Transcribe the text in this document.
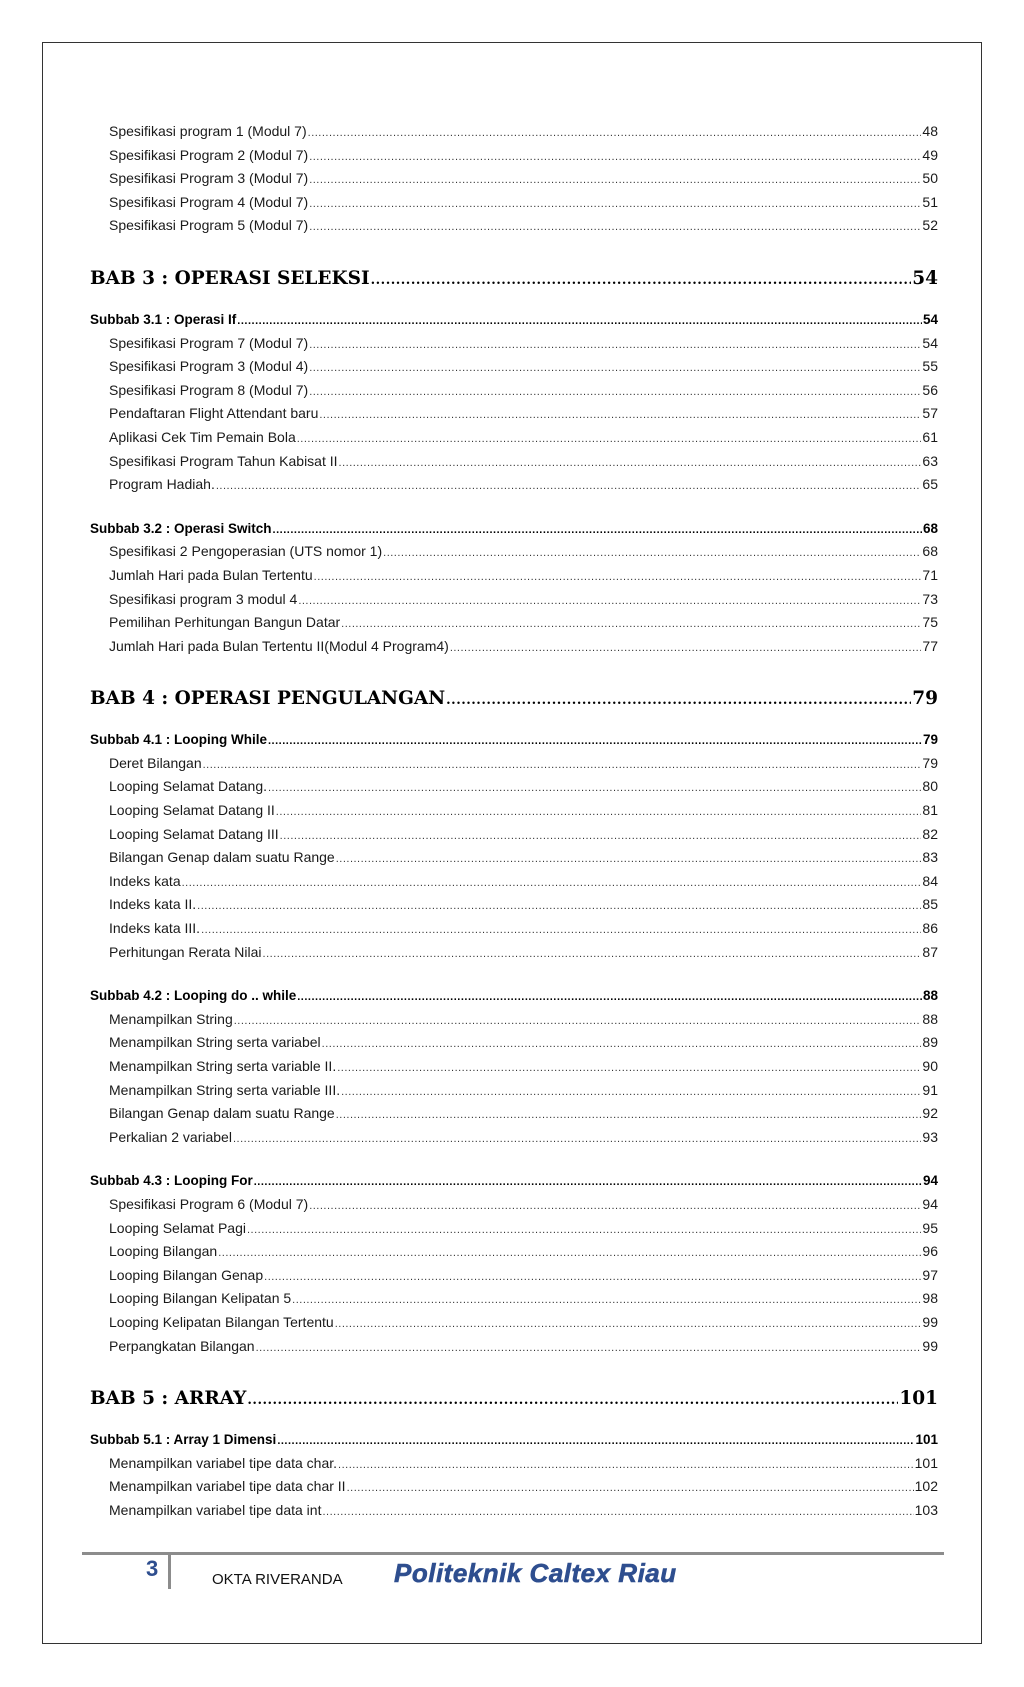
Spesifikasi program 1 (Modul 7) .....	48
Spesifikasi Program 2 (Modul 7) .....	49
Spesifikasi Program 3 (Modul 7) .....	50
Spesifikasi Program 4 (Modul 7) .....	51
Spesifikasi Program 5 (Modul 7) .....	52
BAB 3 : OPERASI SELEKSI .....	54
Subbab 3.1 : Operasi If .....	54
Spesifikasi Program 7 (Modul 7) .....	54
Spesifikasi Program 3 (Modul 4) .....	55
Spesifikasi Program 8 (Modul 7) .....	56
Pendaftaran Flight Attendant baru .....	57
Aplikasi Cek Tim Pemain Bola .....	61
Spesifikasi Program Tahun Kabisat II .....	63
Program Hadiah. .....	65
Subbab 3.2 : Operasi Switch .....	68
Spesifikasi 2 Pengoperasian (UTS nomor 1) .....	68
Jumlah Hari pada Bulan Tertentu .....	71
Spesifikasi program 3 modul 4 .....	73
Pemilihan Perhitungan Bangun Datar .....	75
Jumlah Hari pada Bulan Tertentu II(Modul 4 Program4) .....	77
BAB 4 : OPERASI PENGULANGAN .....	79
Subbab 4.1 : Looping While .....	79
Deret Bilangan .....	79
Looping Selamat Datang. .....	80
Looping Selamat Datang II .....	81
Looping Selamat Datang III .....	82
Bilangan Genap dalam suatu Range .....	83
Indeks kata .....	84
Indeks kata II. .....	85
Indeks kata III. .....	86
Perhitungan Rerata Nilai .....	87
Subbab 4.2 : Looping do .. while .....	88
Menampilkan String .....	88
Menampilkan String serta variabel .....	89
Menampilkan String serta variable II. .....	90
Menampilkan String serta variable III. .....	91
Bilangan Genap dalam suatu Range .....	92
Perkalian 2 variabel .....	93
Subbab 4.3 : Looping For .....	94
Spesifikasi Program 6 (Modul 7) .....	94
Looping Selamat Pagi .....	95
Looping Bilangan .....	96
Looping Bilangan Genap .....	97
Looping Bilangan Kelipatan 5 .....	98
Looping Kelipatan Bilangan Tertentu .....	99
Perpangkatan Bilangan .....	99
BAB 5 : ARRAY .....	101
Subbab 5.1 : Array 1 Dimensi .....	101
Menampilkan variabel tipe data char. .....	101
Menampilkan variabel tipe data char II .....	102
Menampilkan variabel tipe data int .....	103
3	OKTA RIVERANDA Politeknik Caltex Riau
